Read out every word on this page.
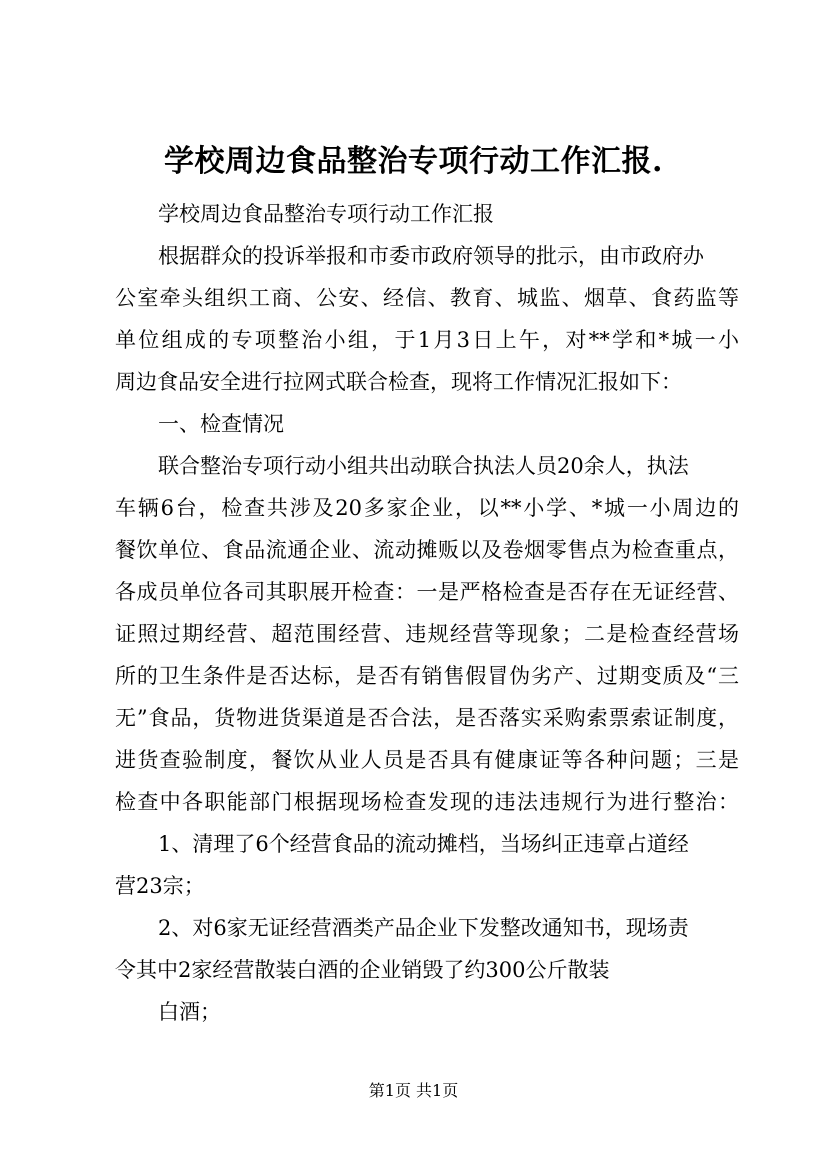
学校周边食品整治专项行动工作汇报.
学校周边食品整治专项行动工作汇报
根据群众的投诉举报和市委市政府领导的批示，由市政府办
公室牵头组织工商、公安、经信、教育、城监、烟草、食药监等
单位组成的专项整治小组，于1月3日上午，对**学和*城一小
周边食品安全进行拉网式联合检查，现将工作情况汇报如下：
一、检查情况
联合整治专项行动小组共出动联合执法人员20余人，执法
车辆6台，检查共涉及20多家企业，以**小学、*城一小周边的
餐饮单位、食品流通企业、流动摊贩以及卷烟零售点为检查重点，
各成员单位各司其职展开检查：一是严格检查是否存在无证经营、
证照过期经营、超范围经营、违规经营等现象；二是检查经营场
所的卫生条件是否达标，是否有销售假冒伪劣产、过期变质及“三
无”食品，货物进货渠道是否合法，是否落实采购索票索证制度，
进货查验制度，餐饮从业人员是否具有健康证等各种问题；三是
检查中各职能部门根据现场检查发现的违法违规行为进行整治：
1、清理了6个经营食品的流动摊档，当场纠正违章占道经
营23宗；
2、对6家无证经营酒类产品企业下发整改通知书，现场责
令其中2家经营散装白酒的企业销毁了约300公斤散装
白酒；
第1页 共1页
